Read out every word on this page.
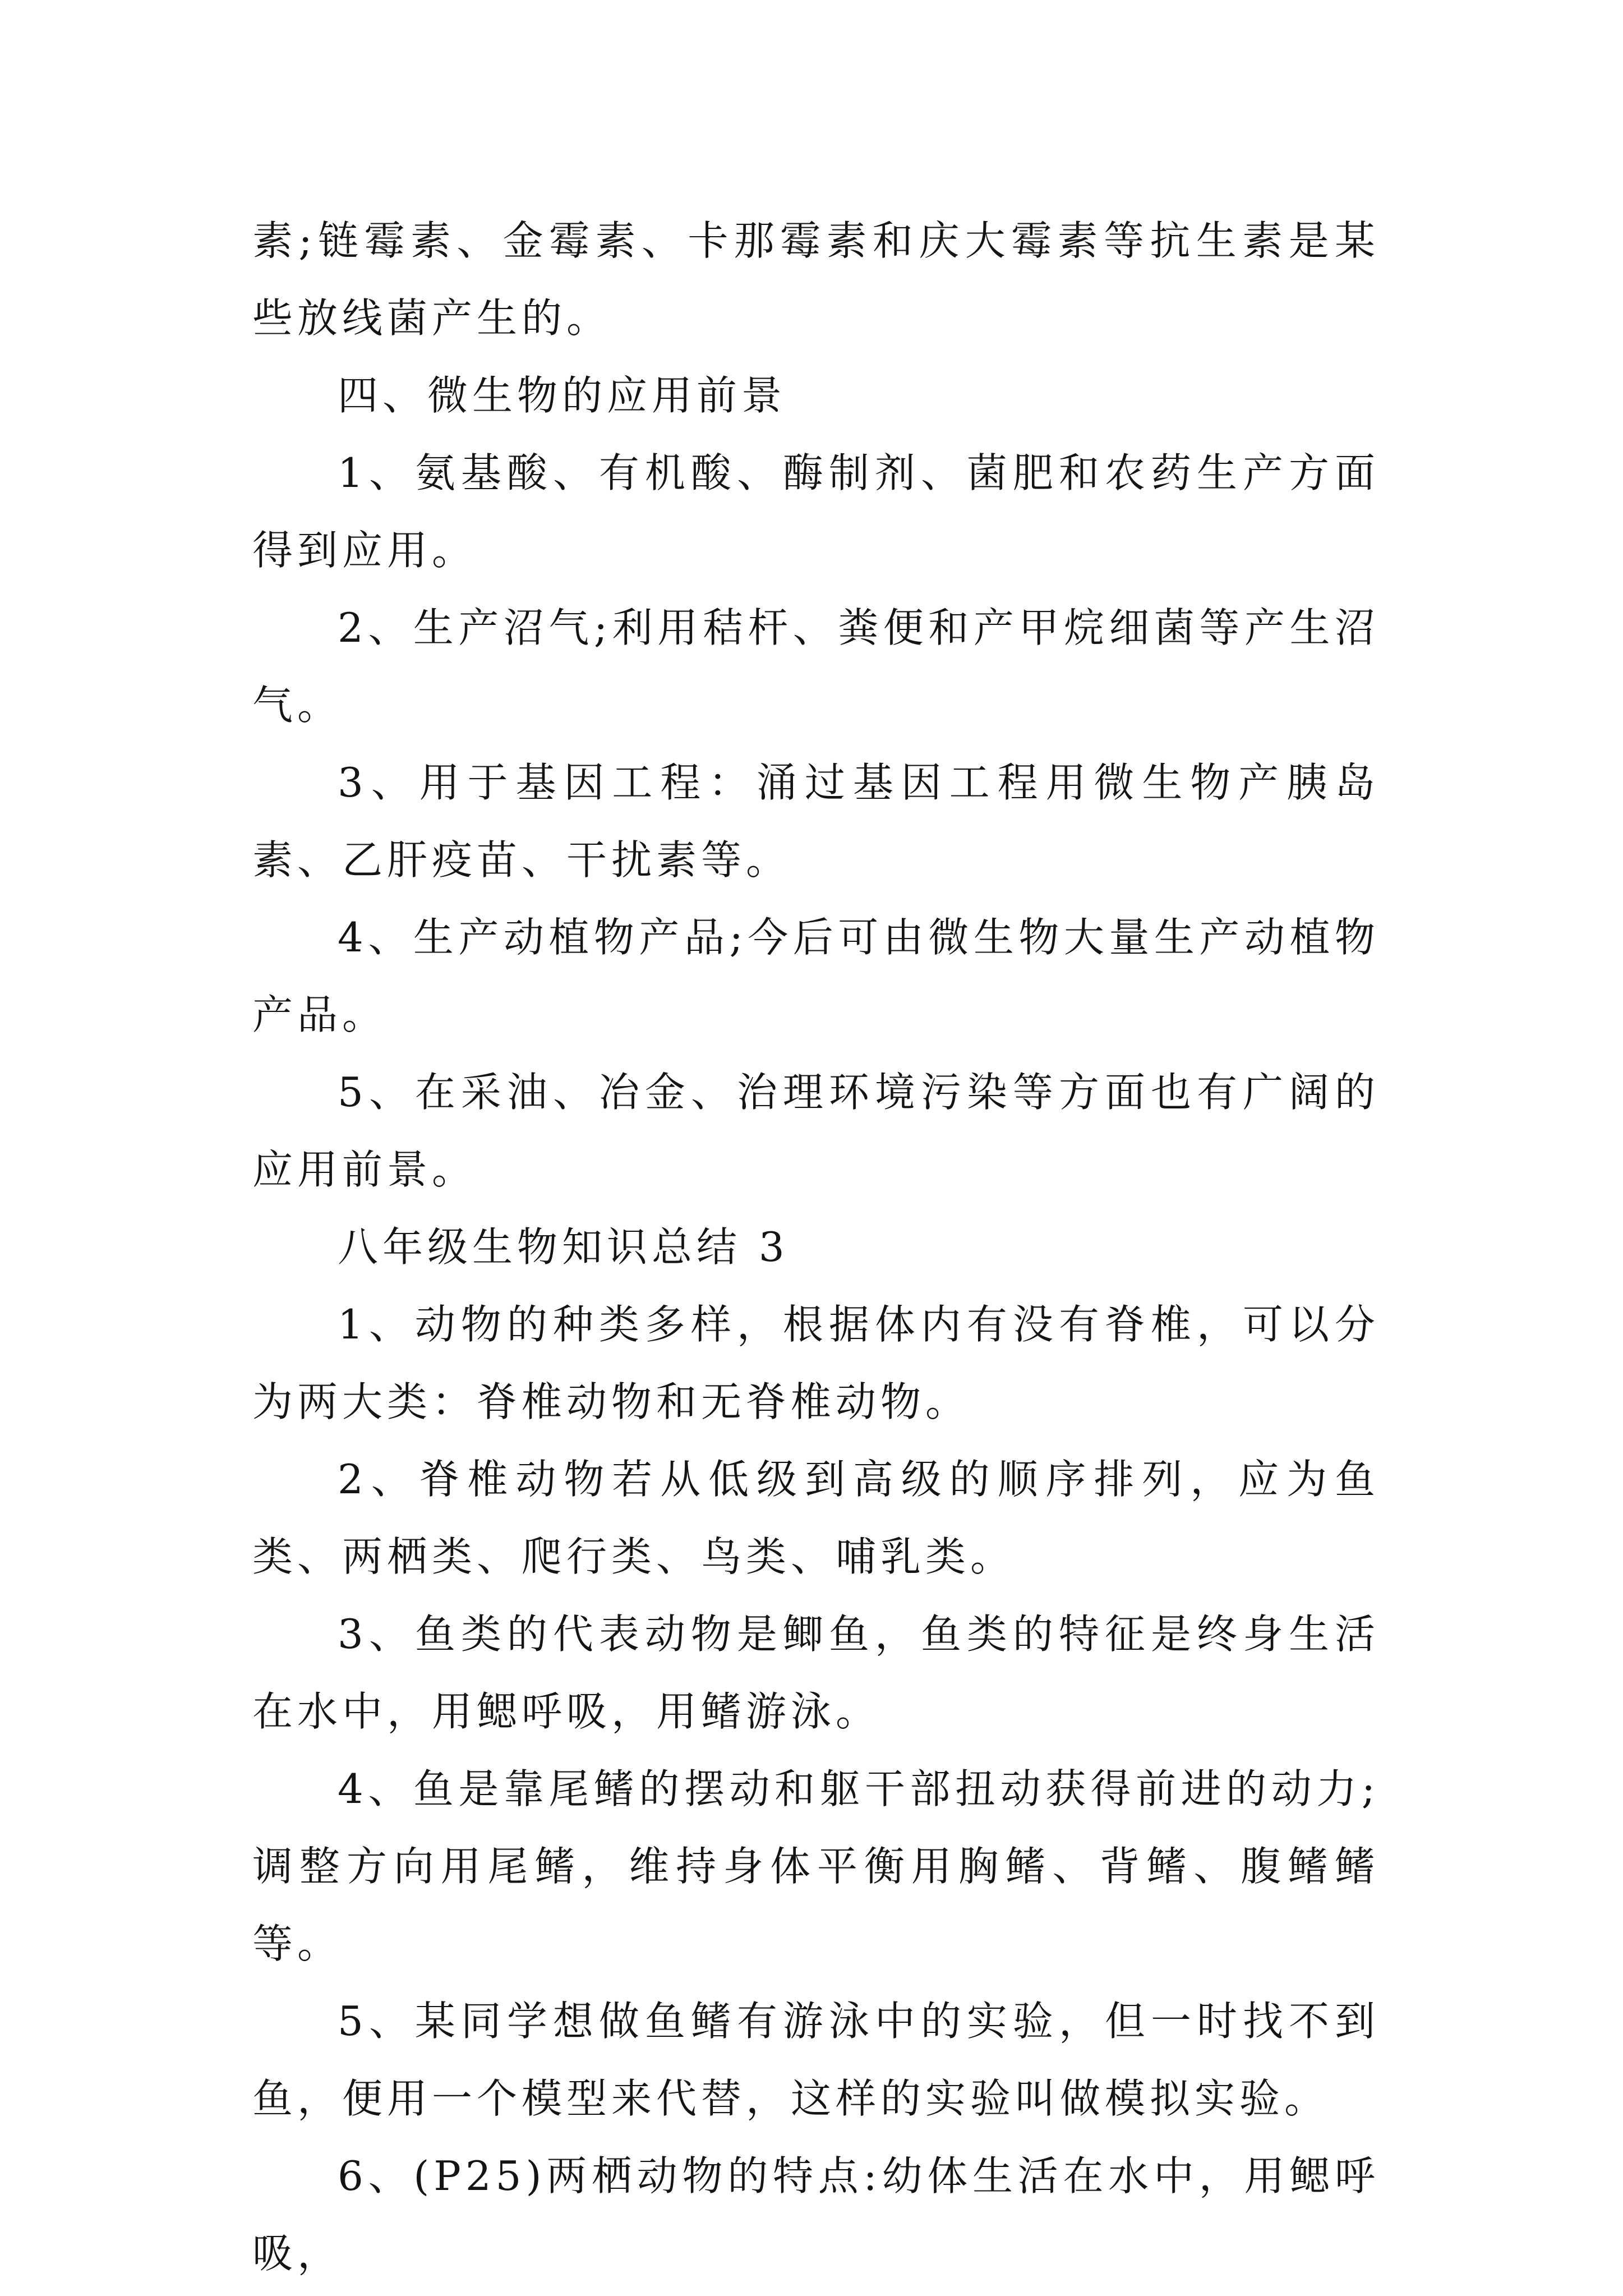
素;链霉素、金霉素、卡那霉素和庆大霉素等抗生素是某些放线菌产生的。

四、微生物的应用前景

1、氨基酸、有机酸、酶制剂、菌肥和农药生产方面得到应用。

2、生产沼气;利用秸杆、粪便和产甲烷细菌等产生沼气。

3、用于基因工程：涌过基因工程用微生物产胰岛素、乙肝疫苗、干扰素等。

4、生产动植物产品;今后可由微生物大量生产动植物产品。

5、在采油、冶金、治理环境污染等方面也有广阔的应用前景。

八年级生物知识总结 3

1、动物的种类多样，根据体内有没有脊椎，可以分为两大类：脊椎动物和无脊椎动物。

2、脊椎动物若从低级到高级的顺序排列，应为鱼类、两栖类、爬行类、鸟类、哺乳类。

3、鱼类的代表动物是鲫鱼，鱼类的特征是终身生活在水中，用鳃呼吸，用鳍游泳。

4、鱼是靠尾鳍的摆动和躯干部扭动获得前进的动力;调整方向用尾鳍，维持身体平衡用胸鳍、背鳍、腹鳍鳍等。

5、某同学想做鱼鳍有游泳中的实验，但一时找不到鱼，便用一个模型来代替，这样的实验叫做模拟实验。

6、(P25)两栖动物的特点:幼体生活在水中，用鳃呼吸，
